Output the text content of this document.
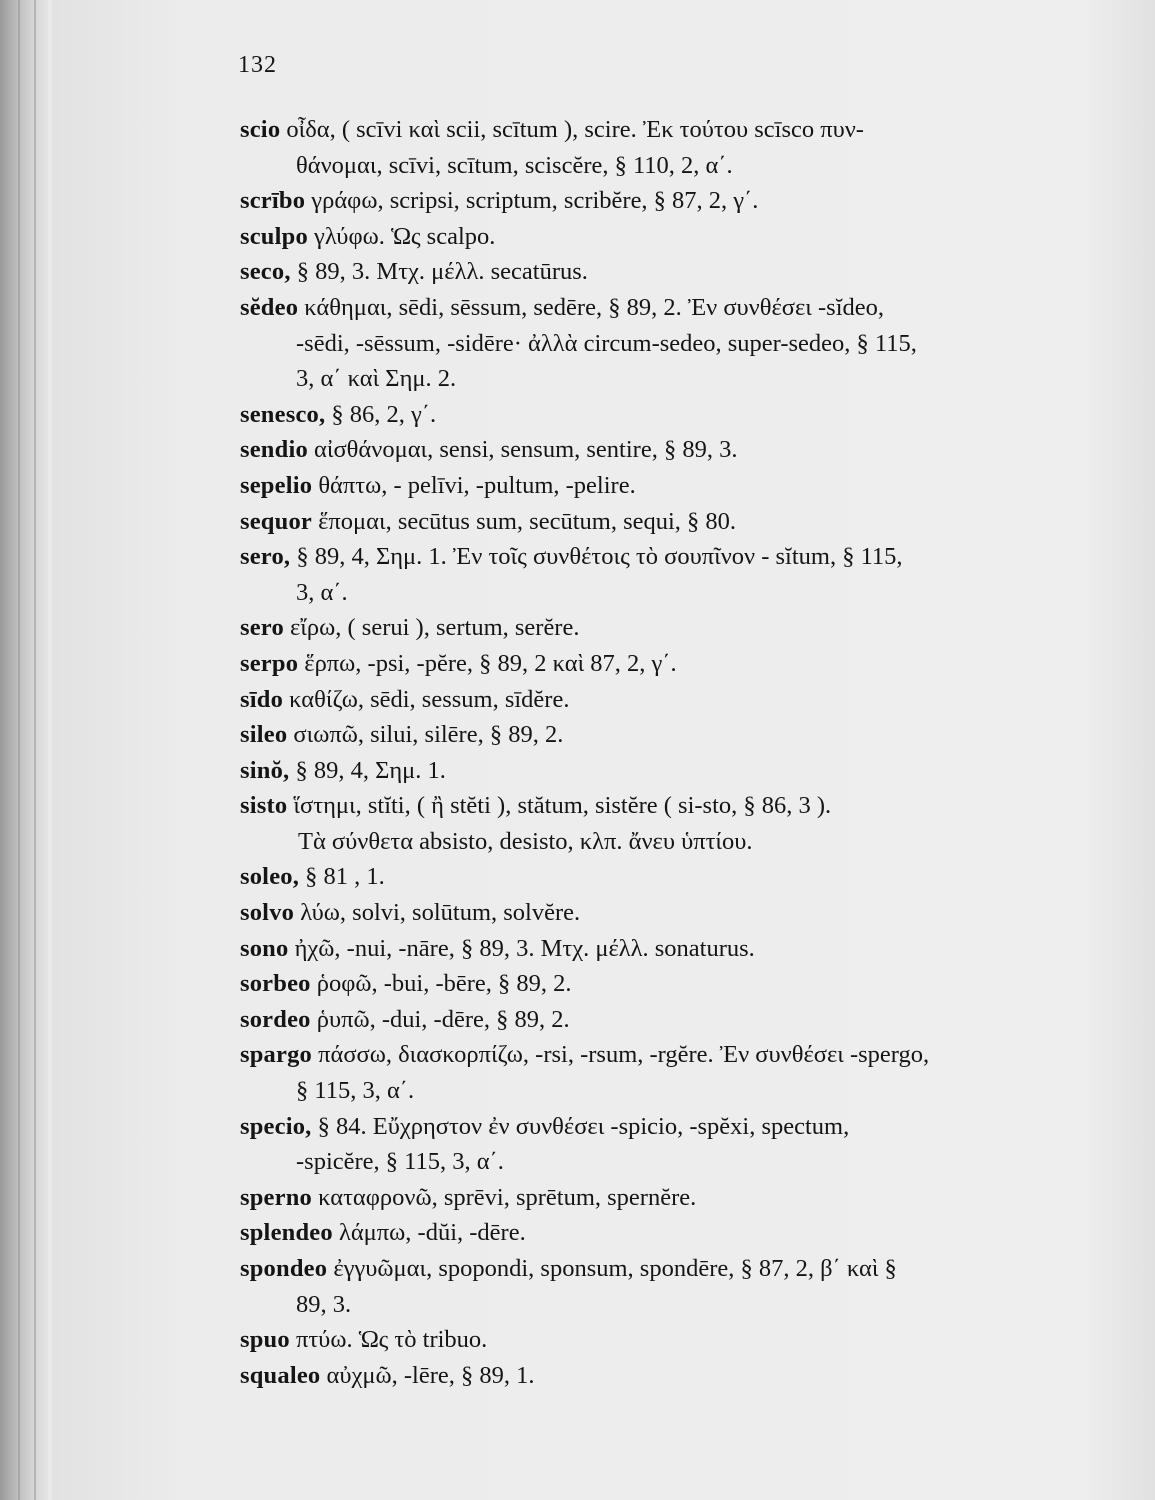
132
scio οἶδα, ( scīvi καὶ scii, scītum ), scire. Ἐκ τούτου scīsco πυν-
θάνομαι, scīvi, scītum, sciscĕre, § 110, 2, α΄.
scrībo γράφω, scripsi, scriptum, scribĕre, § 87, 2, γ΄.
sculpo γλύφω. Ὡς scalpo.
seco, § 89, 3. Μτχ. μέλλ. secatūrus.
sĕdeo κάθημαι, sēdi, sēssum, sedēre, § 89, 2. Ἐν συνθέσει -sĭdeo,
-sēdi, -sēssum, -sidēre· ἀλλὰ circum-sedeo, super-sedeo, § 115,
3, α΄ καὶ Σημ. 2.
senesco, § 86, 2, γ΄.
sendio αἰσθάνομαι, sensi, sensum, sentire, § 89, 3.
sepelio θάπτω, - pelīvi, -pultum, -pelire.
sequor ἕπομαι, secūtus sum, secūtum, sequi, § 80.
sero, § 89, 4, Σημ. 1. Ἐν τοῖς συνθέτοις τὸ σουπῖνον - sĭtum, § 115,
3, α΄.
sero εἴρω, ( serui ), sertum, serĕre.
serpo ἕρπω, -psi, -pĕre, § 89, 2 καὶ 87, 2, γ΄.
sīdo καθίζω, sēdi, sessum, sīdĕre.
sileo σιωπῶ, silui, silēre, § 89, 2.
sinŏ, § 89, 4, Σημ. 1.
sisto ἵστημι, stĭti, ( ἢ stĕti ), stătum, sistĕre ( si-sto, § 86, 3 ).
Τὰ σύνθετα absisto, desisto, κλπ. ἄνευ ὑπτίου.
soleo, § 81 , 1.
solvo λύω, solvi, solūtum, solvĕre.
sono ἠχῶ, -nui, -nāre, § 89, 3. Μτχ. μέλλ. sonaturus.
sorbeo ῥοφῶ, -bui, -bēre, § 89, 2.
sordeo ῥυπῶ, -dui, -dēre, § 89, 2.
spargo πάσσω, διασκορπίζω, -rsi, -rsum, -rgĕre. Ἐν συνθέσει -spergo,
§ 115, 3, α΄.
specio, § 84. Εὔχρηστον ἐν συνθέσει -spicio, -spĕxi, spectum,
-spicĕre, § 115, 3, α΄.
sperno καταφρονῶ, sprēvi, sprētum, spernĕre.
splendeo λάμπω, -dŭi, -dēre.
spondeo ἐγγυῶμαι, spopondi, sponsum, spondēre, § 87, 2, β΄ καὶ §
89, 3.
spuo πτύω. Ὡς τὸ tribuo.
squaleo αὐχμῶ, -lēre, § 89, 1.
